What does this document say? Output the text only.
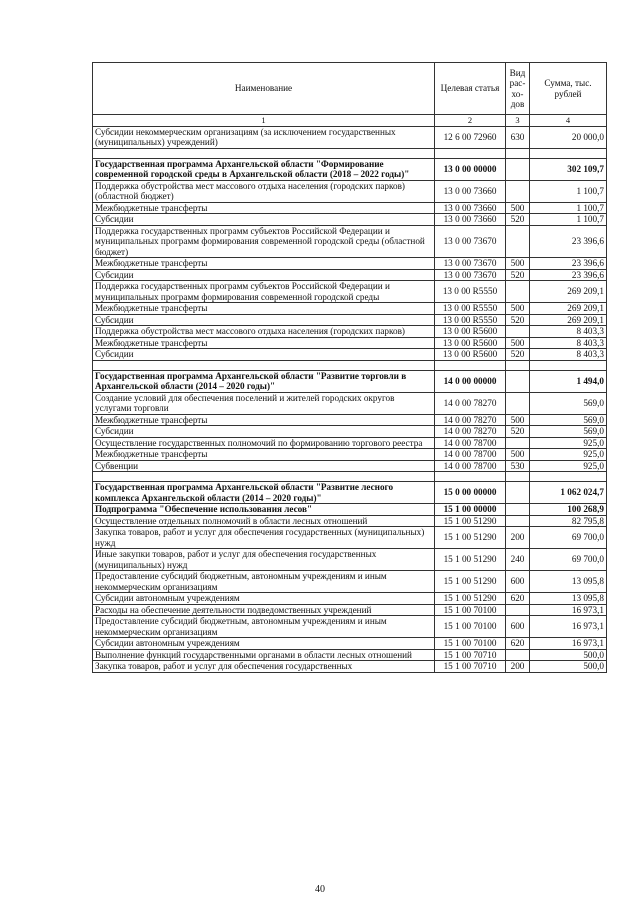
Наименование	Целевая статья	Вид рас-хо-дов	Сумма, тыс. рублей
1	2	3	4
Субсидии некоммерческим организациям (за исключением государственных (муниципальных) учреждений)	12 6 00 72960	630	20 000,0

Государственная программа Архангельской области "Формирование современной городской среды в Архангельской области (2018 – 2022 годы)"	13 0 00 00000		302 109,7
Поддержка обустройства мест массового отдыха населения (городских парков) (областной бюджет)	13 0 00 73660		1 100,7
Межбюджетные трансферты	13 0 00 73660	500	1 100,7
Субсидии	13 0 00 73660	520	1 100,7
Поддержка государственных программ субъектов Российской Федерации и муниципальных программ формирования современной городской среды (областной бюджет)	13 0 00 73670		23 396,6
Межбюджетные трансферты	13 0 00 73670	500	23 396,6
Субсидии	13 0 00 73670	520	23 396,6
Поддержка государственных программ субъектов Российской Федерации и муниципальных программ формирования современной городской среды	13 0 00 R5550		269 209,1
Межбюджетные трансферты	13 0 00 R5550	500	269 209,1
Субсидии	13 0 00 R5550	520	269 209,1
Поддержка обустройства мест массового отдыха населения (городских парков)	13 0 00 R5600		8 403,3
Межбюджетные трансферты	13 0 00 R5600	500	8 403,3
Субсидии	13 0 00 R5600	520	8 403,3

Государственная программа Архангельской области "Развитие торговли в Архангельской области (2014 – 2020 годы)"	14 0 00 00000		1 494,0
Создание условий для обеспечения поселений и жителей городских округов услугами торговли	14 0 00 78270		569,0
Межбюджетные трансферты	14 0 00 78270	500	569,0
Субсидии	14 0 00 78270	520	569,0
Осуществление государственных полномочий по формированию торгового реестра	14 0 00 78700		925,0
Межбюджетные трансферты	14 0 00 78700	500	925,0
Субвенции	14 0 00 78700	530	925,0

Государственная программа Архангельской области "Развитие лесного комплекса Архангельской области (2014 – 2020 годы)"	15 0 00 00000		1 062 024,7
Подпрограмма "Обеспечение использования лесов"	15 1 00 00000		100 268,9
Осуществление отдельных полномочий в области лесных отношений	15 1 00 51290		82 795,8
Закупка товаров, работ и услуг для обеспечения государственных (муниципальных) нужд	15 1 00 51290	200	69 700,0
Иные закупки товаров, работ и услуг для обеспечения государственных (муниципальных) нужд	15 1 00 51290	240	69 700,0
Предоставление субсидий бюджетным, автономным учреждениям и иным некоммерческим организациям	15 1 00 51290	600	13 095,8
Субсидии автономным учреждениям	15 1 00 51290	620	13 095,8
Расходы на обеспечение деятельности подведомственных учреждений	15 1 00 70100		16 973,1
Предоставление субсидий бюджетным, автономным учреждениям и иным некоммерческим организациям	15 1 00 70100	600	16 973,1
Субсидии автономным учреждениям	15 1 00 70100	620	16 973,1
Выполнение функций государственными органами в области лесных отношений	15 1 00 70710		500,0
Закупка товаров, работ и услуг для обеспечения государственных	15 1 00 70710	200	500,0
40
